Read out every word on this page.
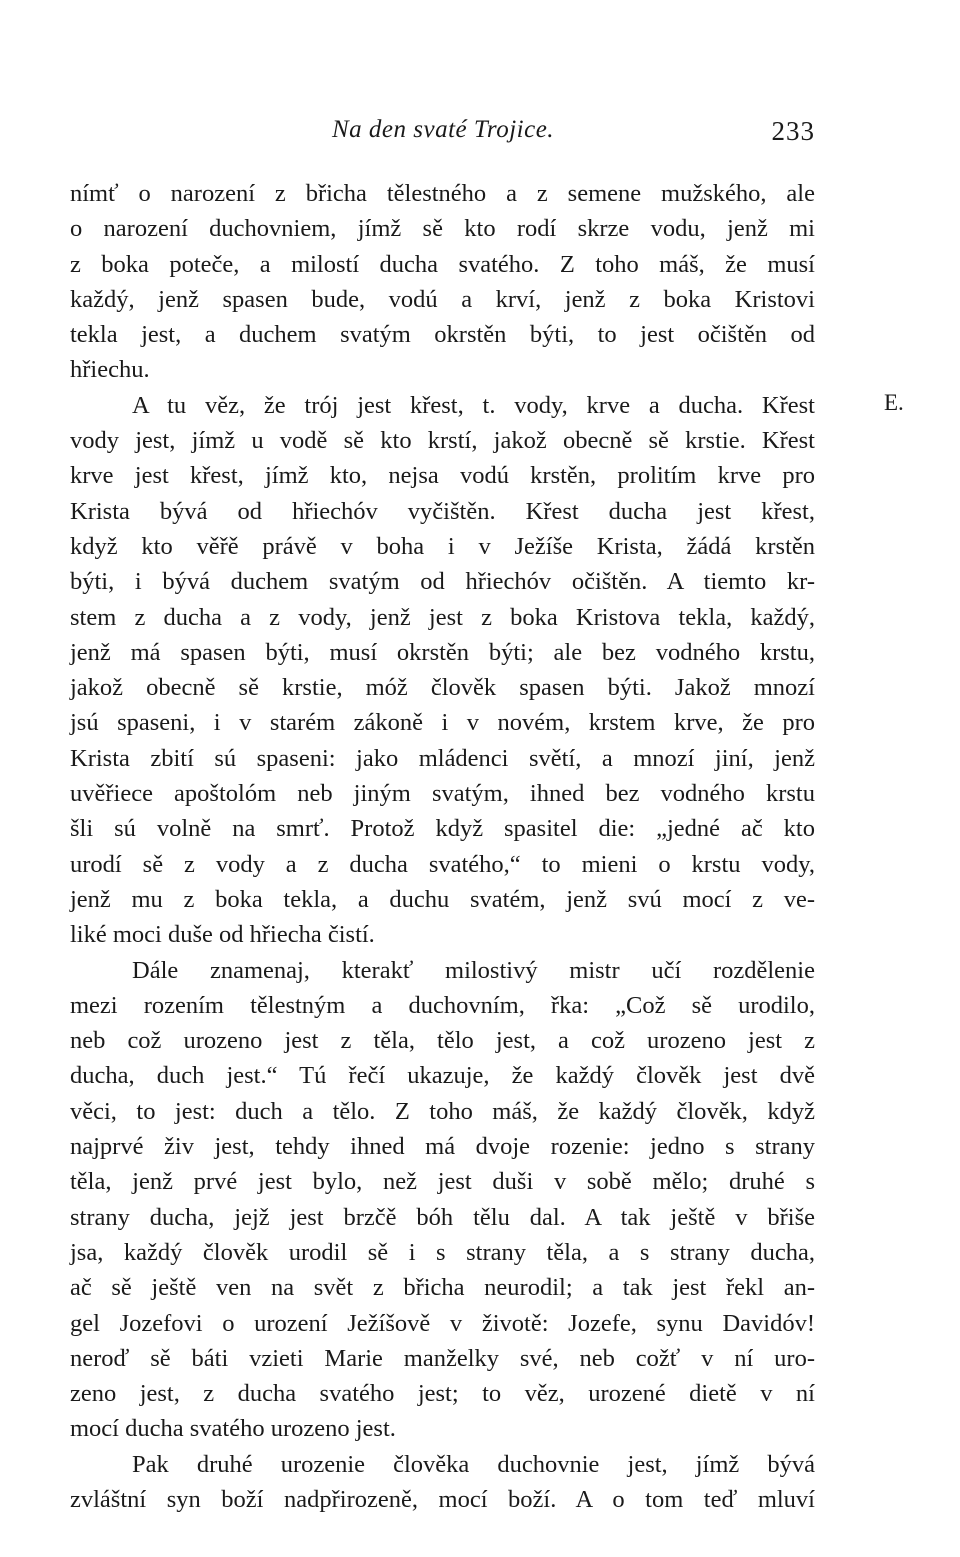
Na den svaté Trojice.	233
E.
nímť o narození z břicha tělestného a z semene mužského, ale
o narození duchovniem, jímž sě kto rodí skrze vodu, jenž mi
z boka poteče, a milostí ducha svatého. Z toho máš, že musí
každý, jenž spasen bude, vodú a krví, jenž z boka Kristovi
tekla jest, a duchem svatým okrstěn býti, to jest očištěn od
hřiechu.
A tu věz, že trój jest křest, t. vody, krve a ducha. Křest
vody jest, jímž u vodě sě kto krstí, jakož obecně sě krstie. Křest
krve jest křest, jímž kto, nejsa vodú krstěn, prolitím krve pro
Krista bývá od hřiechóv vyčištěn. Křest ducha jest křest,
když kto věřě právě v boha i v Ježíše Krista, žádá krstěn
býti, i bývá duchem svatým od hřiechóv očištěn. A tiemto kr-
stem z ducha a z vody, jenž jest z boka Kristova tekla, každý,
jenž má spasen býti, musí okrstěn býti; ale bez vodného krstu,
jakož obecně sě krstie, móž člověk spasen býti. Jakož mnozí
jsú spaseni, i v starém zákoně i v novém, krstem krve, že pro
Krista zbití sú spaseni: jako mládenci světí, a mnozí jiní, jenž
uvěřiece apoštolóm neb jiným svatým, ihned bez vodného krstu
šli sú volně na smrť. Protož když spasitel die: „jedné ač kto
urodí sě z vody a z ducha svatého,“ to mieni o krstu vody,
jenž mu z boka tekla, a duchu svatém, jenž svú mocí z ve-
liké moci duše od hřiecha čistí.
Dále znamenaj, kterakť milostivý mistr učí rozdělenie
mezi rozením tělestným a duchovním, řka: „Což sě urodilo,
neb což urozeno jest z těla, tělo jest, a což urozeno jest z
ducha, duch jest.“ Tú řečí ukazuje, že každý člověk jest dvě
věci, to jest: duch a tělo. Z toho máš, že každý člověk, když
najprvé živ jest, tehdy ihned má dvoje rozenie: jedno s strany
těla, jenž prvé jest bylo, než jest duši v sobě mělo; druhé s
strany ducha, jejž jest brzčě bóh tělu dal. A tak ještě v břiše
jsa, každý člověk urodil sě i s strany těla, a s strany ducha,
ač sě ještě ven na svět z břicha neurodil; a tak jest řekl an-
gel Jozefovi o urození Ježíšově v životě: Jozefe, synu Davidóv!
neroď sě báti vzieti Marie manželky své, neb cožť v ní uro-
zeno jest, z ducha svatého jest; to věz, urozené dietě v ní
mocí ducha svatého urozeno jest.
Pak druhé urozenie člověka duchovnie jest, jímž bývá
zvláštní syn boží nadpřirozeně, mocí boží. A o tom teď mluví
